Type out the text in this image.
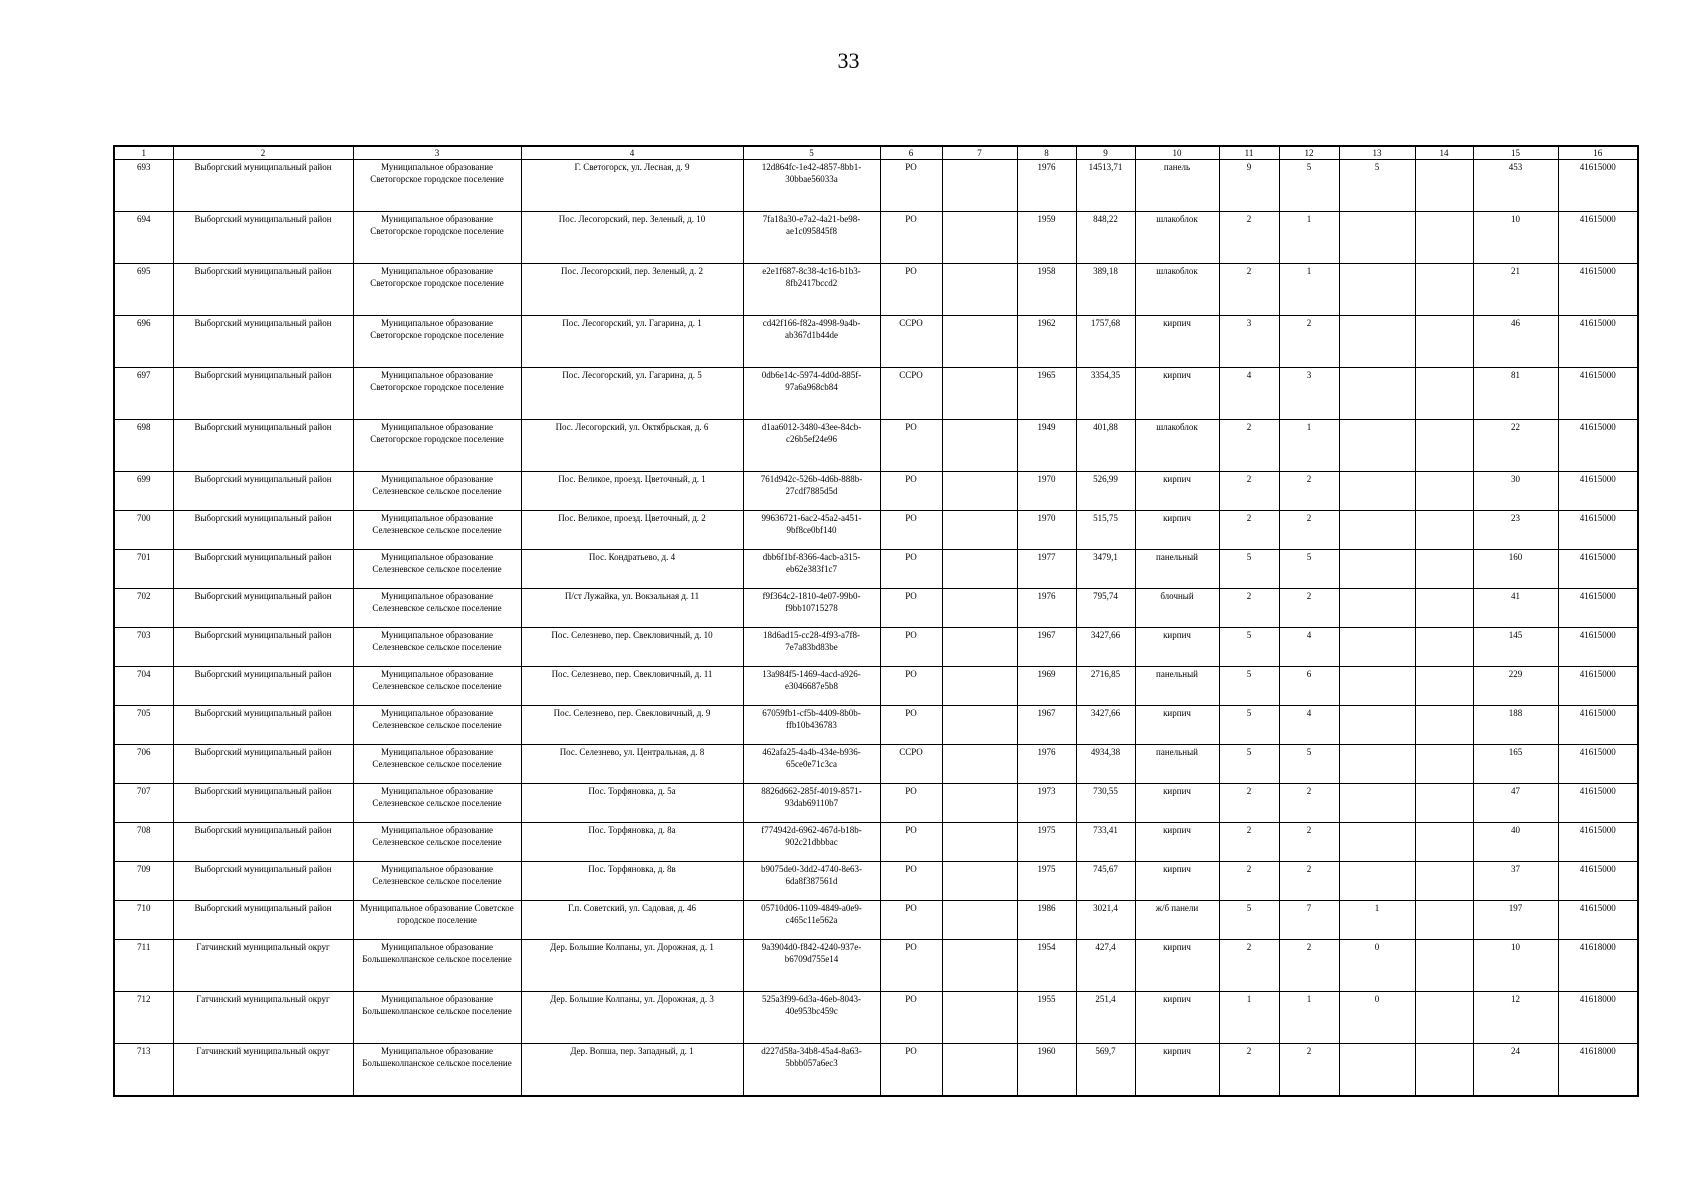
33
1	2	3	4	5	6	7	8	9	10	11	12	13	14	15	16
693	Выборгский муниципальный район	Муниципальное образование Светогорское городское поселение	Г. Светогорск, ул. Лесная, д. 9	12d864fc-1e42-4857-8bb1-30bbae56033a	РО		1976	14513,71	панель	9	5	5		453	41615000
694	Выборгский муниципальный район	Муниципальное образование Светогорское городское поселение	Пос. Лесогорский, пер. Зеленый, д. 10	7fa18a30-e7a2-4a21-be98-ae1c095845f8	РО		1959	848,22	шлакоблок	2	1			10	41615000
695	Выборгский муниципальный район	Муниципальное образование Светогорское городское поселение	Пос. Лесогорский, пер. Зеленый, д. 2	e2e1f687-8c38-4c16-b1b3-8fb2417bccd2	РО		1958	389,18	шлакоблок	2	1			21	41615000
696	Выборгский муниципальный район	Муниципальное образование Светогорское городское поселение	Пос. Лесогорский, ул. Гагарина, д. 1	cd42f166-f82a-4998-9a4b-ab367d1b44de	ССРО		1962	1757,68	кирпич	3	2			46	41615000
697	Выборгский муниципальный район	Муниципальное образование Светогорское городское поселение	Пос. Лесогорский, ул. Гагарина, д. 5	0db6e14c-5974-4d0d-885f-97a6a968cb84	ССРО		1965	3354,35	кирпич	4	3			81	41615000
698	Выборгский муниципальный район	Муниципальное образование Светогорское городское поселение	Пос. Лесогорский, ул. Октябрьская, д. 6	d1aa6012-3480-43ee-84cb-c26b5ef24e96	РО		1949	401,88	шлакоблок	2	1			22	41615000
699	Выборгский муниципальный район	Муниципальное образование Селезневское сельское поселение	Пос. Великое, проезд. Цветочный, д. 1	761d942c-526b-4d6b-888b-27cdf7885d5d	РО		1970	526,99	кирпич	2	2			30	41615000
700	Выборгский муниципальный район	Муниципальное образование Селезневское сельское поселение	Пос. Великое, проезд. Цветочный, д. 2	99636721-6ac2-45a2-a451-9bf8ce0bf140	РО		1970	515,75	кирпич	2	2			23	41615000
701	Выборгский муниципальный район	Муниципальное образование Селезневское сельское поселение	Пос. Кондратьево, д. 4	dbb6f1bf-8366-4acb-a315-eb62e383f1c7	РО		1977	3479,1	панельный	5	5			160	41615000
702	Выборгский муниципальный район	Муниципальное образование Селезневское сельское поселение	П/ст Лужайка, ул. Вокзальная д. 11	f9f364c2-1810-4e07-99b0-f9bb10715278	РО		1976	795,74	блочный	2	2			41	41615000
703	Выборгский муниципальный район	Муниципальное образование Селезневское сельское поселение	Пос. Селезнево, пер. Свекловичный, д. 10	18d6ad15-cc28-4f93-a7f8-7e7a83bd83be	РО		1967	3427,66	кирпич	5	4			145	41615000
704	Выборгский муниципальный район	Муниципальное образование Селезневское сельское поселение	Пос. Селезнево, пер. Свекловичный, д. 11	13a984f5-1469-4acd-a926-e3046687e5b8	РО		1969	2716,85	панельный	5	6			229	41615000
705	Выборгский муниципальный район	Муниципальное образование Селезневское сельское поселение	Пос. Селезнево, пер. Свекловичный, д. 9	67059fb1-cf5b-4409-8b0b-ffb10b436783	РО		1967	3427,66	кирпич	5	4			188	41615000
706	Выборгский муниципальный район	Муниципальное образование Селезневское сельское поселение	Пос. Селезнево, ул. Центральная, д. 8	462afa25-4a4b-434e-b936-65ce0e71c3ca	ССРО		1976	4934,38	панельный	5	5			165	41615000
707	Выборгский муниципальный район	Муниципальное образование Селезневское сельское поселение	Пос. Торфяновка, д. 5а	8826d662-285f-4019-8571-93dab69110b7	РО		1973	730,55	кирпич	2	2			47	41615000
708	Выборгский муниципальный район	Муниципальное образование Селезневское сельское поселение	Пос. Торфяновка, д. 8а	f774942d-6962-467d-b18b-902c21dbbbac	РО		1975	733,41	кирпич	2	2			40	41615000
709	Выборгский муниципальный район	Муниципальное образование Селезневское сельское поселение	Пос. Торфяновка, д. 8в	b9075de0-3dd2-4740-8e63-6da8f387561d	РО		1975	745,67	кирпич	2	2			37	41615000
710	Выборгский муниципальный район	Муниципальное образование Советское городское поселение	Г.п. Советский, ул. Садовая, д. 46	05710d06-1109-4849-a0e9-c465c11e562a	РО		1986	3021,4	ж/б панели	5	7	1		197	41615000
711	Гатчинский муниципальный округ	Муниципальное образование Большеколпанское сельское поселение	Дер. Большие Колпаны, ул. Дорожная, д. 1	9a3904d0-f842-4240-937e-b6709d755e14	РО		1954	427,4	кирпич	2	2	0		10	41618000
712	Гатчинский муниципальный округ	Муниципальное образование Большеколпанское сельское поселение	Дер. Большие Колпаны, ул. Дорожная, д. 3	525a3f99-6d3a-46eb-8043-40e953bc459c	РО		1955	251,4	кирпич	1	1	0		12	41618000
713	Гатчинский муниципальный округ	Муниципальное образование Большеколпанское сельское поселение	Дер. Вопша, пер. Западный, д. 1	d227d58a-34b8-45a4-8a63-5bbb057a6ec3	РО		1960	569,7	кирпич	2	2			24	41618000
